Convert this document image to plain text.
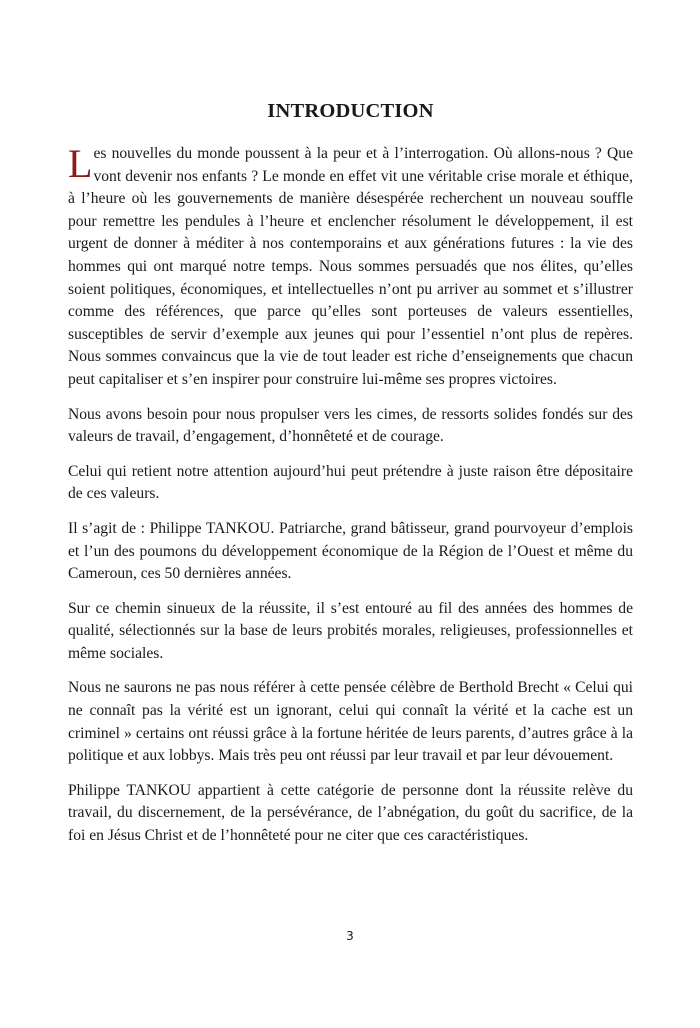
INTRODUCTION

Les nouvelles du monde poussent à la peur et à l’interrogation. Où allons-nous ? Que vont devenir nos enfants ? Le monde en effet vit une véritable crise morale et éthique, à l’heure où les gouvernements de manière désespérée recherchent un nouveau souffle pour remettre les pendules à l’heure et enclencher résolument le développement, il est urgent de donner à méditer à nos contemporains et aux générations futures : la vie des hommes qui ont marqué notre temps. Nous sommes persuadés que nos élites, qu’elles soient politiques, économiques, et intellectuelles n’ont pu arriver au sommet et s’illustrer comme des références, que parce qu’elles sont porteuses de valeurs essentielles, susceptibles de servir d’exemple aux jeunes qui pour l’essentiel n’ont plus de repères. Nous sommes convaincus que la vie de tout leader est riche d’enseignements que chacun peut capitaliser et s’en inspirer pour construire lui-même ses propres victoires.

Nous avons besoin pour nous propulser vers les cimes, de ressorts solides fondés sur des valeurs de travail, d’engagement, d’honnêteté et de courage.

Celui qui retient notre attention aujourd’hui peut prétendre à juste raison être dépositaire de ces valeurs.

Il s’agit de : Philippe TANKOU. Patriarche, grand bâtisseur, grand pourvoyeur d’emplois et l’un des poumons du développement économique de la Région de l’Ouest et même du Cameroun, ces 50 dernières années.

Sur ce chemin sinueux de la réussite, il s’est entouré au fil des années des hommes de qualité, sélectionnés sur la base de leurs probités morales, religieuses, professionnelles et même sociales.

Nous ne saurons ne pas nous référer à cette pensée célèbre de Berthold Brecht « Celui qui ne connaît pas la vérité est un ignorant, celui qui connaît la vérité et la cache est un criminel » certains ont réussi grâce à la fortune héritée de leurs parents, d’autres grâce à la politique et aux lobbys. Mais très peu ont réussi par leur travail et par leur dévouement.

Philippe TANKOU appartient à cette catégorie de personne dont la réussite relève du travail, du discernement, de la persévérance, de l’abnégation, du goût du sacrifice, de la foi en Jésus Christ et de l’honnêteté pour ne citer que ces caractéristiques.

3
